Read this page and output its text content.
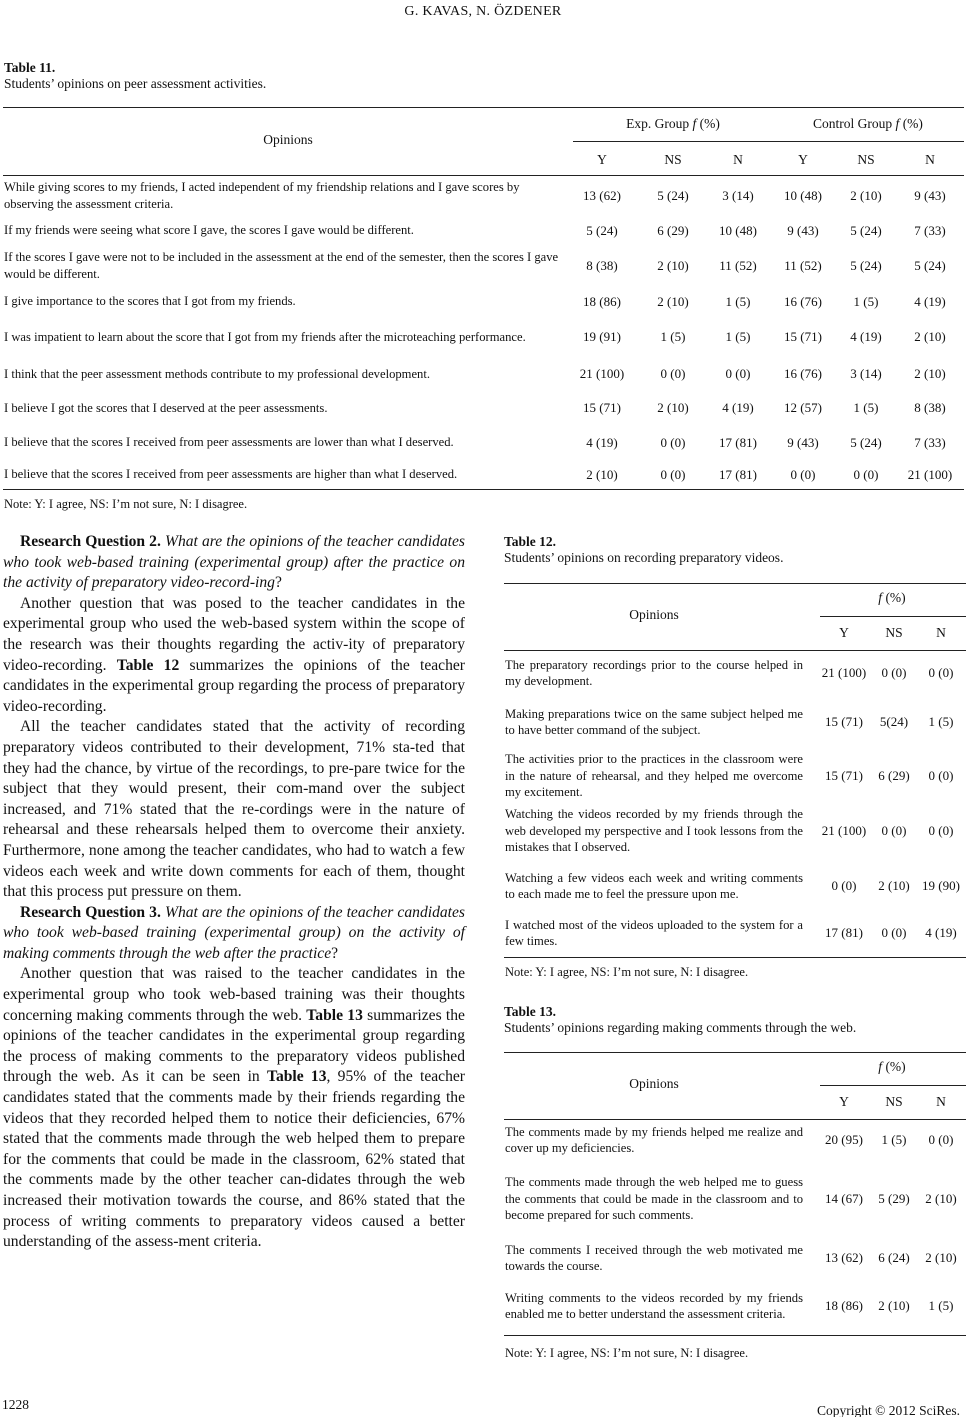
G. KAVAS, N. ÖZDENER
Table 11.
Students’ opinions on peer assessment activities.
Opinions
Exp. Group f (%)	Control Group f (%)
Y	NS	N	Y	NS	N
While giving scores to my friends, I acted independent of my friendship relations and I gave scores by observing the assessment criteria.
13 (62)	5 (24)	3 (14)	10 (48)	2 (10)	9 (43)
If my friends were seeing what score I gave, the scores I gave would be different.	5 (24)	6 (29)	10 (48)	9 (43)	5 (24)	7 (33)
If the scores I gave were not to be included in the assessment at the end of the semester, then the scores I gave would be different.
8 (38)	2 (10)	11 (52)	11 (52)	5 (24)	5 (24)
I give importance to the scores that I got from my friends.	18 (86)	2 (10)	1 (5)	16 (76)	1 (5)	4 (19)
I was impatient to learn about the score that I got from my friends after the microteaching performance.	19 (91)	1 (5)	1 (5)	15 (71)	4 (19)	2 (10)
I think that the peer assessment methods contribute to my professional development.	21 (100)	0 (0)	0 (0)	16 (76)	3 (14)	2 (10)
I believe I got the scores that I deserved at the peer assessments.	15 (71)	2 (10)	4 (19)	12 (57)	1 (5)	8 (38)
I believe that the scores I received from peer assessments are lower than what I deserved.	4 (19)	0 (0)	17 (81)	9 (43)	5 (24)	7 (33)
I believe that the scores I received from peer assessments are higher than what I deserved.	2 (10)	0 (0)	17 (81)	0 (0)	0 (0)	21 (100)
Note: Y: I agree, NS: I’m not sure, N: I disagree.

Research Question 2. What are the opinions of the teacher candidates who took web-based training (experimental group) after the practice on the activity of preparatory video-record-ing?

Another question that was posed to the teacher candidates in the experimental group who used the web-based system within the scope of the research was their thoughts regarding the activ-ity of preparatory video-recording. Table 12 summarizes the opinions of the teacher candidates in the experimental group regarding the process of preparatory video-recording.

All the teacher candidates stated that the activity of recording preparatory videos contributed to their development, 71% sta-ted that they had the chance, by virtue of the recordings, to pre-pare twice for the subject that they would present, their com-mand over the subject increased, and 71% stated that the re-cordings were in the nature of rehearsal and these rehearsals helped them to overcome their anxiety. Furthermore, none among the teacher candidates, who had to watch a few videos each week and write down comments for each of them, thought that this process put pressure on them.

Research Question 3. What are the opinions of the teacher candidates who took web-based training (experimental group) on the activity of making comments through the web after the practice?

Another question that was raised to the teacher candidates in the experimental group who took web-based training was their thoughts concerning making comments through the web. Table 13 summarizes the opinions of the teacher candidates in the experimental group regarding the process of making comments to the preparatory videos published through the web. As it can be seen in Table 13, 95% of the teacher candidates stated that the comments made by their friends regarding the videos that they recorded helped them to notice their deficiencies, 67% stated that the comments made through the web helped them to prepare for the comments that could be made in the classroom, 62% stated that the comments made by the other teacher can-didates through the web increased their motivation towards the course, and 86% stated that the process of writing comments to preparatory videos caused a better understanding of the assess-ment criteria.

Table 12.
Students’ opinions on recording preparatory videos.
Opinions
f (%)
Y	NS	N
The preparatory recordings prior to the course helped in my development.
21 (100)	0 (0)	0 (0)
Making preparations twice on the same subject helped me to have better command of the subject.
15 (71)	5(24)	1 (5)
The activities prior to the practices in the classroom were in the nature of rehearsal, and they helped me overcome my excitement.
15 (71)	6 (29)	0 (0)
Watching the videos recorded by my friends through the web developed my perspective and I took lessons from the mistakes that I observed.
21 (100)	0 (0)	0 (0)
Watching a few videos each week and writing comments to each made me to feel the pressure upon me.
0 (0)	2 (10) 19 (90)
I watched most of the videos uploaded to the system for a few times.
17 (81)	0 (0)	4 (19)
Note: Y: I agree, NS: I’m not sure, N: I disagree.
Table 13.
Students’ opinions regarding making comments through the web.
Opinions
f (%)
Y	NS	N
The comments made by my friends helped me realize and cover up my deficiencies.
20 (95)	1 (5)	0 (0)
The comments made through the web helped me to guess the comments that could be made in the classroom and to become prepared for such comments.
14 (67)	5 (29)	2 (10)
The comments I received through the web motivated me towards the course.
13 (62)	6 (24)	2 (10)
Writing comments to the videos recorded by my friends enabled me to better understand the assessment criteria.
18 (86)	2 (10)	1 (5)
Note: Y: I agree, NS: I’m not sure, N: I disagree.
1228	Copyright © 2012 SciRes.
